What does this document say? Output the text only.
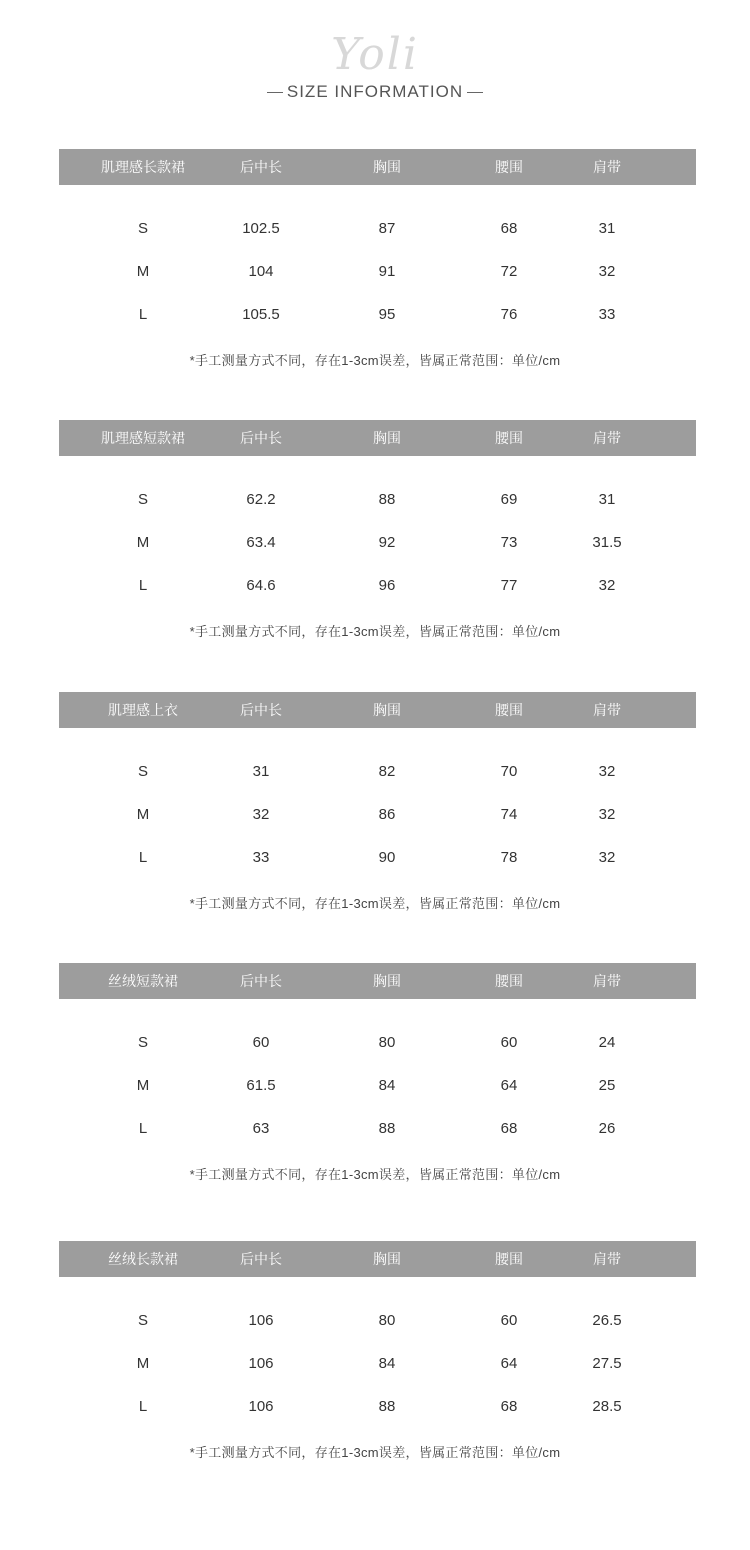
Yoli
SIZE INFORMATION
肌理感长款裙	后中长	胸围	腰围	肩带
S	102.5	87	68	31
M	104	91	72	32
L	105.5	95	76	33
*手工测量方式不同，存在1-3cm误差，皆属正常范围：单位/cm
肌理感短款裙	后中长	胸围	腰围	肩带
S	62.2	88	69	31
M	63.4	92	73	31.5
L	64.6	96	77	32
*手工测量方式不同，存在1-3cm误差，皆属正常范围：单位/cm
肌理感上衣	后中长	胸围	腰围	肩带
S	31	82	70	32
M	32	86	74	32
L	33	90	78	32
*手工测量方式不同，存在1-3cm误差，皆属正常范围：单位/cm
丝绒短款裙	后中长	胸围	腰围	肩带
S	60	80	60	24
M	61.5	84	64	25
L	63	88	68	26
*手工测量方式不同，存在1-3cm误差，皆属正常范围：单位/cm
丝绒长款裙	后中长	胸围	腰围	肩带
S	106	80	60	26.5
M	106	84	64	27.5
L	106	88	68	28.5
*手工测量方式不同，存在1-3cm误差，皆属正常范围：单位/cm
